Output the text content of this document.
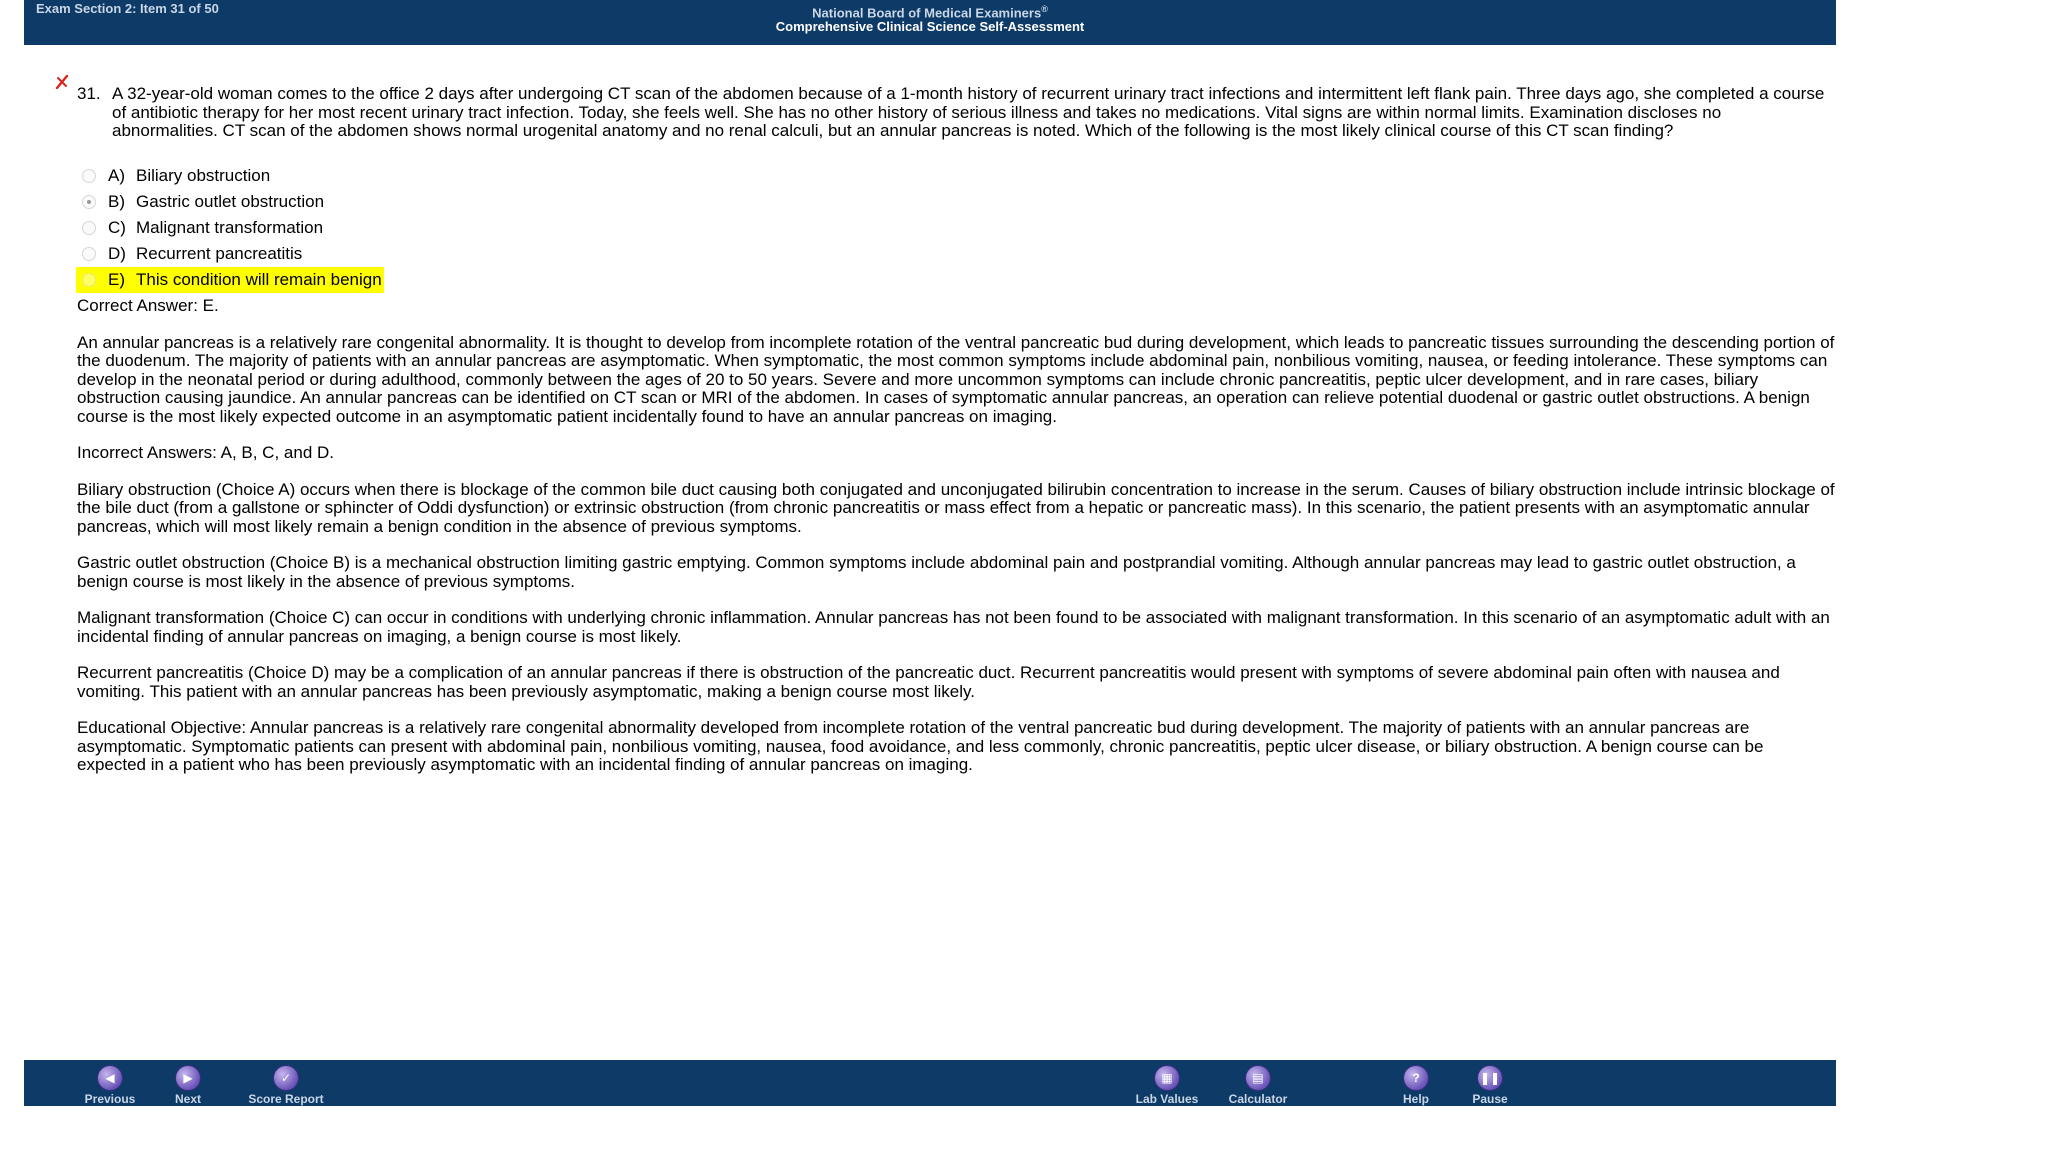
Exam Section 2: Item 31 of 50	National Board of Medical Examiners®
Comprehensive Clinical Science Self-Assessment
31. A 32-year-old woman comes to the office 2 days after undergoing CT scan of the abdomen because of a 1-month history of recurrent urinary tract infections and intermittent left flank pain. Three days ago, she completed a course of antibiotic therapy for her most recent urinary tract infection. Today, she feels well. She has no other history of serious illness and takes no medications. Vital signs are within normal limits. Examination discloses no abnormalities. CT scan of the abdomen shows normal urogenital anatomy and no renal calculi, but an annular pancreas is noted. Which of the following is the most likely clinical course of this CT scan finding?
A) Biliary obstruction
B) Gastric outlet obstruction
C) Malignant transformation
D) Recurrent pancreatitis
E) This condition will remain benign

Correct Answer: E.

An annular pancreas is a relatively rare congenital abnormality. It is thought to develop from incomplete rotation of the ventral pancreatic bud during development, which leads to pancreatic tissues surrounding the descending portion of the duodenum. The majority of patients with an annular pancreas are asymptomatic. When symptomatic, the most common symptoms include abdominal pain, nonbilious vomiting, nausea, or feeding intolerance. These symptoms can develop in the neonatal period or during adulthood, commonly between the ages of 20 to 50 years. Severe and more uncommon symptoms can include chronic pancreatitis, peptic ulcer development, and in rare cases, biliary obstruction causing jaundice. An annular pancreas can be identified on CT scan or MRI of the abdomen. In cases of symptomatic annular pancreas, an operation can relieve potential duodenal or gastric outlet obstructions. A benign course is the most likely expected outcome in an asymptomatic patient incidentally found to have an annular pancreas on imaging.

Incorrect Answers: A, B, C, and D.

Biliary obstruction (Choice A) occurs when there is blockage of the common bile duct causing both conjugated and unconjugated bilirubin concentration to increase in the serum. Causes of biliary obstruction include intrinsic blockage of the bile duct (from a gallstone or sphincter of Oddi dysfunction) or extrinsic obstruction (from chronic pancreatitis or mass effect from a hepatic or pancreatic mass). In this scenario, the patient presents with an asymptomatic annular pancreas, which will most likely remain a benign condition in the absence of previous symptoms.

Gastric outlet obstruction (Choice B) is a mechanical obstruction limiting gastric emptying. Common symptoms include abdominal pain and postprandial vomiting. Although annular pancreas may lead to gastric outlet obstruction, a benign course is most likely in the absence of previous symptoms.

Malignant transformation (Choice C) can occur in conditions with underlying chronic inflammation. Annular pancreas has not been found to be associated with malignant transformation. In this scenario of an asymptomatic adult with an incidental finding of annular pancreas on imaging, a benign course is most likely.

Recurrent pancreatitis (Choice D) may be a complication of an annular pancreas if there is obstruction of the pancreatic duct. Recurrent pancreatitis would present with symptoms of severe abdominal pain often with nausea and vomiting. This patient with an annular pancreas has been previously asymptomatic, making a benign course most likely.

Educational Objective: Annular pancreas is a relatively rare congenital abnormality developed from incomplete rotation of the ventral pancreatic bud during development. The majority of patients with an annular pancreas are asymptomatic. Symptomatic patients can present with abdominal pain, nonbilious vomiting, nausea, food avoidance, and less commonly, chronic pancreatitis, peptic ulcer disease, or biliary obstruction. A benign course can be expected in a patient who has been previously asymptomatic with an incidental finding of annular pancreas on imaging.

◀
Previous
▶
Next
✓
Score Report
▦
Lab Values
▤
Calculator
?
Help
❚❚
Pause
